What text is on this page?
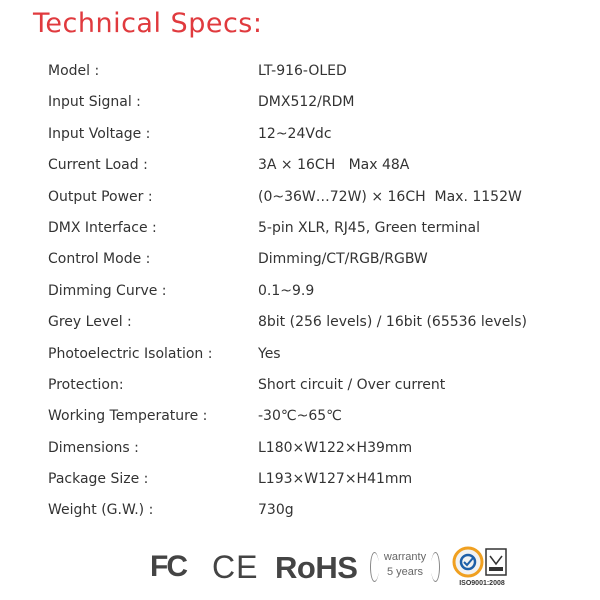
Technical Specs:
Model :	LT-916-OLED
Input Signal :	DMX512/RDM
Input Voltage :	12~24Vdc
Current Load :	3A × 16CH   Max 48A
Output Power :	(0~36W…72W) × 16CH  Max. 1152W
DMX Interface :	5-pin XLR, RJ45, Green terminal
Control Mode :	Dimming/CT/RGB/RGBW
Dimming Curve :	0.1~9.9
Grey Level :	8bit (256 levels) / 16bit (65536 levels)
Photoelectric Isolation :	Yes
Protection:	Short circuit / Over current
Working Temperature :	-30℃~65℃
Dimensions :	L180×W122×H39mm
Package Size :	L193×W127×H41mm
Weight (G.W.) :	730g
FC CE RoHS	warranty
5 years
ISO9001:2008
